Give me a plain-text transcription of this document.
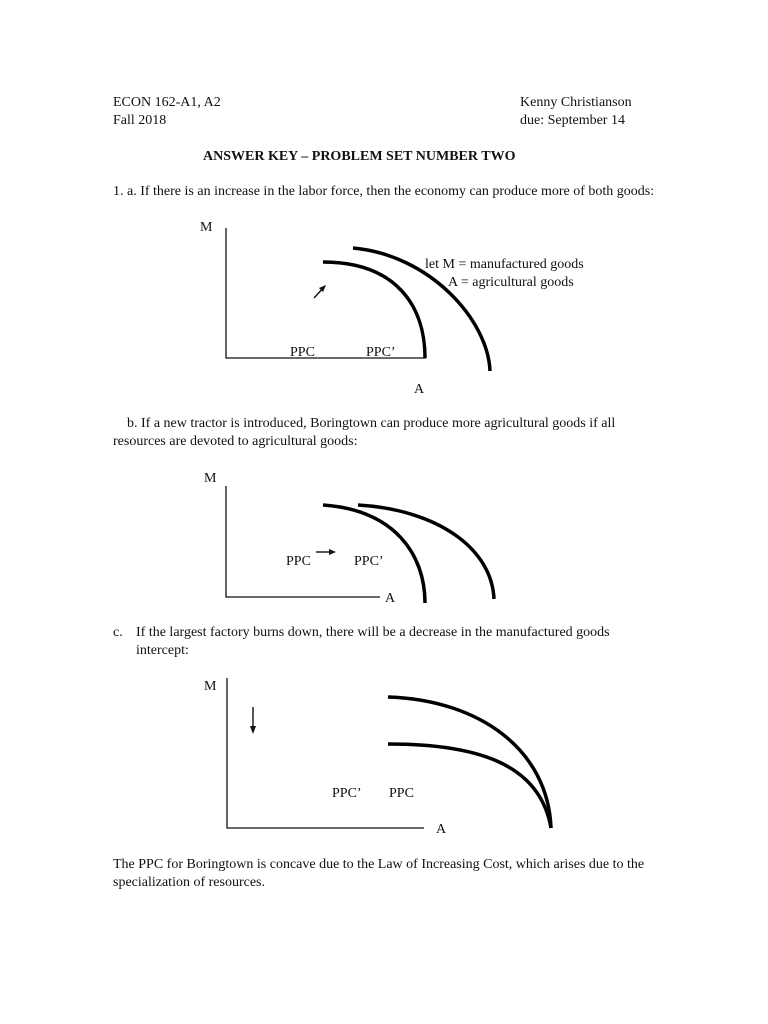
ECON 162-A1, A2
Fall 2018
Kenny Christianson
due: September 14
ANSWER KEY – PROBLEM SET NUMBER TWO
1. a. If there is an increase in the labor force, then the economy can produce more of both goods:
M
PPC	PPC’
A
let M = manufactured goods
A = agricultural goods
b. If a new tractor is introduced, Boringtown can produce more agricultural goods if all resources are devoted to agricultural goods:
M
PPC	PPC’
A
c. If the largest factory burns down, there will be a decrease in the manufactured goods intercept:
M
PPC’ PPC
A
The PPC for Boringtown is concave due to the Law of Increasing Cost, which arises due to the specialization of resources.
